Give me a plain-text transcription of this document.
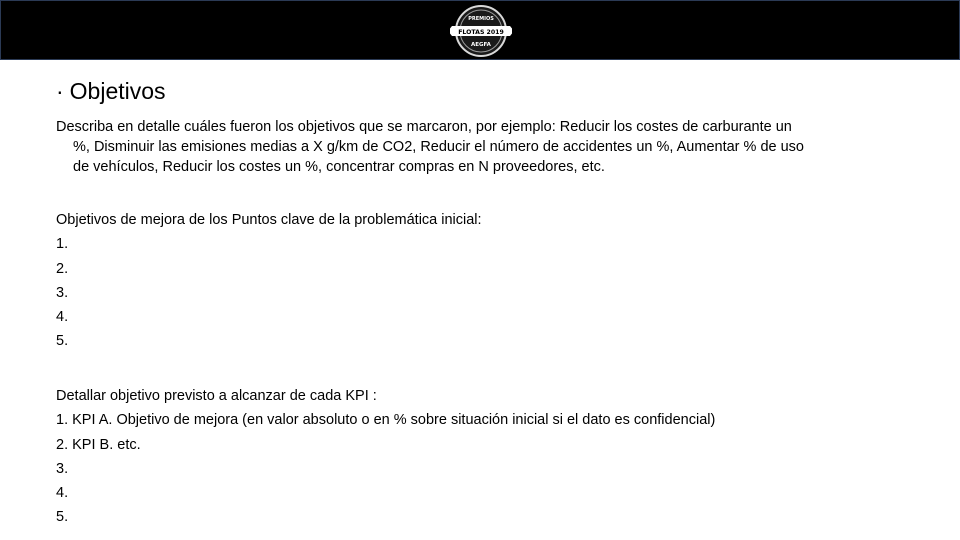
PREMIOS
FLOTAS 2019
AEGFA
· Objetivos
Describa en detalle cuáles fueron los objetivos que se marcaron, por ejemplo: Reducir los costes de carburante un
%, Disminuir las emisiones medias a X g/km de CO2, Reducir el número de accidentes un %, Aumentar % de uso
de vehículos, Reducir los costes un %, concentrar compras en N proveedores, etc.
Objetivos de mejora de los Puntos clave de la problemática inicial:
1.
2.
3.
4.
5.
Detallar objetivo previsto a alcanzar de cada KPI :
1. KPI A. Objetivo de mejora (en valor absoluto o en % sobre situación inicial si el dato es confidencial)
2. KPI B. etc.
3.
4.
5.
